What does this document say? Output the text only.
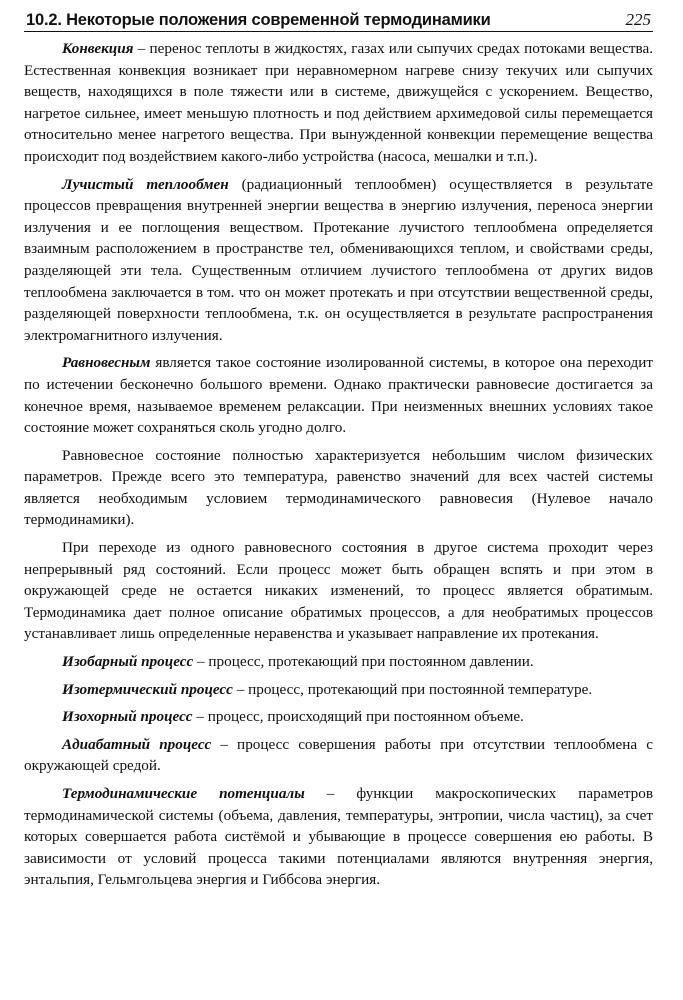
10.2. Некоторые положения современной термодинамики	225

Конвекция – перенос теплоты в жидкостях, газах или сыпучих средах потоками вещества. Естественная конвекция возникает при неравномерном нагреве снизу текучих или сыпучих веществ, находящихся в поле тяжести или в системе, движущейся с ускорением. Вещество, нагретое сильнее, имеет меньшую плотность и под действием архимедовой силы перемещается относительно менее нагретого вещества. При вынужденной конвекции перемещение вещества происходит под воздействием какого-либо устройства (насоса, мешалки и т.п.).

Лучистый теплообмен (радиационный теплообмен) осуществляется в результате процессов превращения внутренней энергии вещества в энергию излучения, переноса энергии излучения и ее поглощения веществом. Протекание лучистого теплообмена определяется взаимным расположением в пространстве тел, обменивающихся теплом, и свойствами среды, разделяющей эти тела. Существенным отличием лучистого теплообмена от других видов теплообмена заключается в том. что он может протекать и при отсутствии вещественной среды, разделяющей поверхности теплообмена, т.к. он осуществляется в результате распространения электромагнитного излучения.

Равновесным является такое состояние изолированной системы, в которое она переходит по истечении бесконечно большого времени. Однако практически равновесие достигается за конечное время, называемое временем релаксации. При неизменных внешних условиях такое состояние может сохраняться сколь угодно долго.

Равновесное состояние полностью характеризуется небольшим числом физических параметров. Прежде всего это температура, равенство значений для всех частей системы является необходимым условием термодинамического равновесия (Нулевое начало термодинамики).

При переходе из одного равновесного состояния в другое система проходит через непрерывный ряд состояний. Если процесс может быть обращен вспять и при этом в окружающей среде не остается никаких изменений, то процесс является обратимым. Термодинамика дает полное описание обратимых процессов, а для необратимых процессов устанавливает лишь определенные неравенства и указывает направление их протекания.

Изобарный процесс – процесс, протекающий при постоянном давлении.

Изотермический процесс – процесс, протекающий при постоянной температуре.

Изохорный процесс – процесс, происходящий при постоянном объеме.

Адиабатный процесс – процесс совершения работы при отсутствии теплообмена с окружающей средой.

Термодинамические потенциалы – функции макроскопических параметров термодинамической системы (объема, давления, температуры, энтропии, числа частиц), за счет которых совершается работа систёмой и убывающие в процессе совершения ею работы. В зависимости от условий процесса такими потенциалами являются внутренняя энергия, энтальпия, Гельмгольцева энергия и Гиббсова энергия.
